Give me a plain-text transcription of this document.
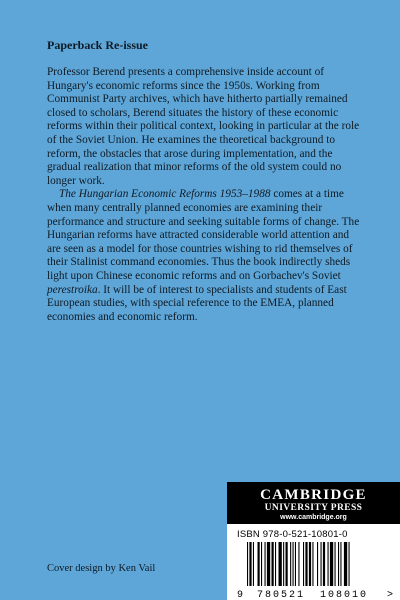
Paperback Re-issue

Professor Berend presents a comprehensive inside account of Hungary's economic reforms since the 1950s. Working from Communist Party archives, which have hitherto partially remained closed to scholars, Berend situates the history of these economic reforms within their political context, looking in particular at the role of the Soviet Union. He examines the theoretical background to reform, the obstacles that arose during implementation, and the gradual realization that minor reforms of the old system could no longer work.

The Hungarian Economic Reforms 1953–1988 comes at a time when many centrally planned economies are examining their performance and structure and seeking suitable forms of change. The Hungarian reforms have attracted considerable world attention and are seen as a model for those countries wishing to rid themselves of their Stalinist command economies. Thus the book indirectly sheds light upon Chinese economic reforms and on Gorbachev's Soviet perestroika. It will be of interest to specialists and students of East European studies, with special reference to the EMEA, planned economies and economic reform.

CAMBRIDGE
UNIVERSITY PRESS
www.cambridge.org
>
9 780521 108010
ISBN 978-0-521-10801-0
Cover design by Ken Vail
